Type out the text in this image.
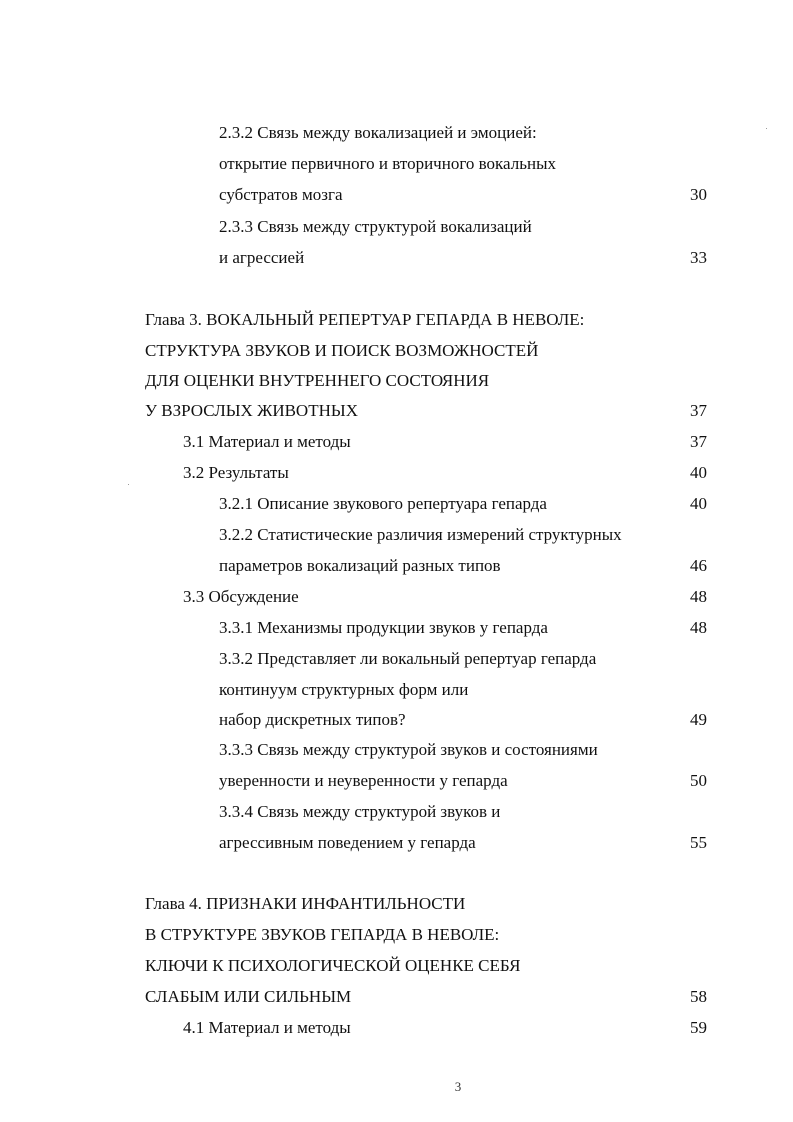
2.3.2 Связь между вокализацией и эмоцией:
открытие первичного и вторичного вокальных
субстратов мозга	30
2.3.3 Связь между структурой вокализаций
и агрессией	33
Глава 3. ВОКАЛЬНЫЙ РЕПЕРТУАР ГЕПАРДА В НЕВОЛЕ:
СТРУКТУРА ЗВУКОВ И ПОИСК ВОЗМОЖНОСТЕЙ
ДЛЯ ОЦЕНКИ ВНУТРЕННЕГО СОСТОЯНИЯ
У ВЗРОСЛЫХ ЖИВОТНЫХ	37
3.1 Материал и методы	37
3.2 Результаты	40
3.2.1 Описание звукового репертуара гепарда	40
3.2.2 Статистические различия измерений структурных
параметров вокализаций разных типов	46
3.3 Обсуждение	48
3.3.1 Механизмы продукции звуков у гепарда	48
3.3.2 Представляет ли вокальный репертуар гепарда
континуум структурных форм или
набор дискретных типов?	49
3.3.3 Связь между структурой звуков и состояниями
уверенности и неуверенности у гепарда	50
3.3.4 Связь между структурой звуков и
агрессивным поведением у гепарда	55
Глава 4. ПРИЗНАКИ ИНФАНТИЛЬНОСТИ
В СТРУКТУРЕ ЗВУКОВ ГЕПАРДА В НЕВОЛЕ:
КЛЮЧИ К ПСИХОЛОГИЧЕСКОЙ ОЦЕНКЕ СЕБЯ
СЛАБЫМ ИЛИ СИЛЬНЫМ	58
4.1 Материал и методы	59
3
